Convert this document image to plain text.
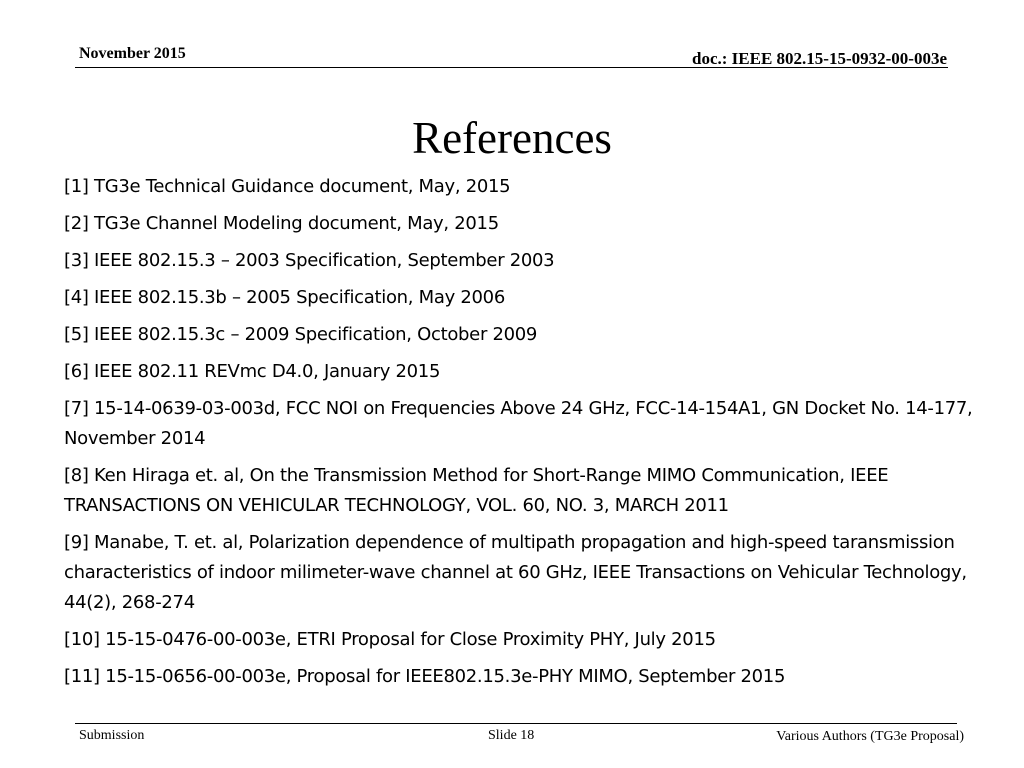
November 2015	doc.: IEEE 802.15-15-0932-00-003e
References
[1] TG3e Technical Guidance document, May, 2015
[2] TG3e Channel Modeling document, May, 2015
[3] IEEE 802.15.3 – 2003 Specification, September 2003
[4] IEEE 802.15.3b – 2005 Specification, May 2006
[5] IEEE 802.15.3c – 2009 Specification, October 2009
[6] IEEE 802.11 REVmc D4.0, January 2015
[7] 15-14-0639-03-003d, FCC NOI on Frequencies Above 24 GHz, FCC-14-154A1, GN Docket No. 14-177, November 2014
[8] Ken Hiraga et. al, On the Transmission Method for Short-Range MIMO Communication, IEEE TRANSACTIONS ON VEHICULAR TECHNOLOGY, VOL. 60, NO. 3, MARCH 2011
[9] Manabe, T. et. al, Polarization dependence of multipath propagation and high-speed taransmission characteristics of indoor milimeter-wave channel at 60 GHz, IEEE Transactions on Vehicular Technology, 44(2), 268-274
[10] 15-15-0476-00-003e, ETRI Proposal for Close Proximity PHY, July 2015
[11] 15-15-0656-00-003e, Proposal for IEEE802.15.3e-PHY MIMO, September 2015
Submission	Slide 18	Various Authors (TG3e Proposal)
